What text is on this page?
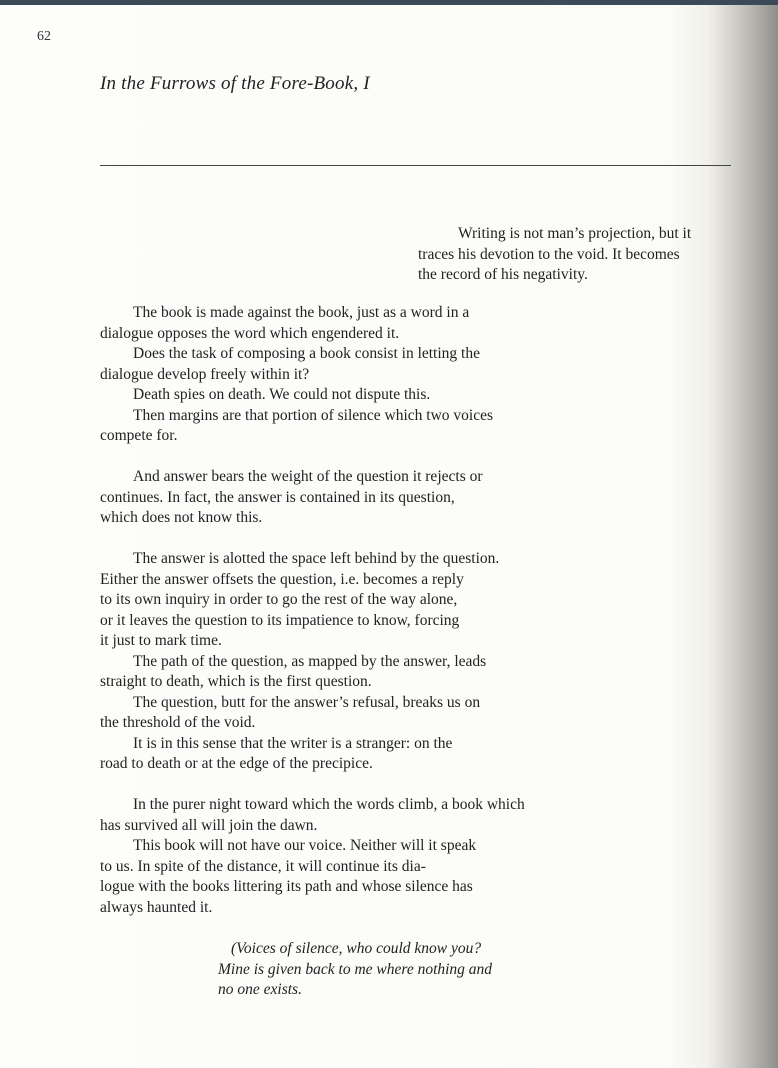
62
In the Furrows of the Fore-Book, I
Writing is not man’s projection, but it
traces his devotion to the void. It becomes
the record of his negativity.
The book is made against the book, just as a word in a
dialogue opposes the word which engendered it.
Does the task of composing a book consist in letting the
dialogue develop freely within it?
Death spies on death. We could not dispute this.
Then margins are that portion of silence which two voices
compete for.
And answer bears the weight of the question it rejects or
continues. In fact, the answer is contained in its question,
which does not know this.
The answer is alotted the space left behind by the question.
Either the answer offsets the question, i.e. becomes a reply
to its own inquiry in order to go the rest of the way alone,
or it leaves the question to its impatience to know, forcing
it just to mark time.
The path of the question, as mapped by the answer, leads
straight to death, which is the first question.
The question, butt for the answer’s refusal, breaks us on
the threshold of the void.
It is in this sense that the writer is a stranger: on the
road to death or at the edge of the precipice.
In the purer night toward which the words climb, a book which
has survived all will join the dawn.
This book will not have our voice. Neither will it speak
to us. In spite of the distance, it will continue its dia-
logue with the books littering its path and whose silence has
always haunted it.
(Voices of silence, who could know you?
Mine is given back to me where nothing and
no one exists.
